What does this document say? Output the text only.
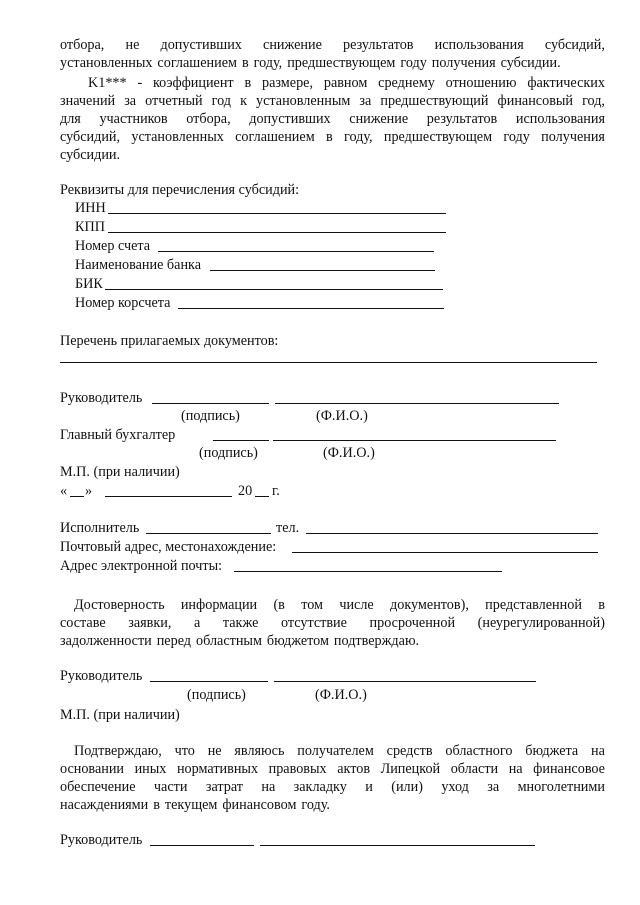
отбора, не допустивших снижение результатов использования субсидий,
установленных соглашением в году, предшествующем году получения субсидии.
K1*** - коэффициент в размере, равном среднему отношению фактических
значений за отчетный год к установленным за предшествующий финансовый год,
для участников отбора, допустивших снижение результатов использования
субсидий, установленных соглашением в году, предшествующем году получения
субсидии.
Реквизиты для перечисления субсидий:
ИНН
КПП
Номер счета
Наименование банка
БИК
Номер корсчета
Перечень прилагаемых документов:
Руководитель
(подпись)	(Ф.И.О.)
Главный бухгалтер
(подпись)	(Ф.И.О.)
М.П. (при наличии)
« »	20 г.
Исполнитель	тел.
Почтовый адрес, местонахождение:
Адрес электронной почты:
Достоверность информации (в том числе документов), представленной в
составе заявки, а также отсутствие просроченной (неурегулированной)
задолженности перед областным бюджетом подтверждаю.
Руководитель
(подпись)	(Ф.И.О.)
М.П. (при наличии)
Подтверждаю, что не являюсь получателем средств областного бюджета на
основании иных нормативных правовых актов Липецкой области на финансовое
обеспечение части затрат на закладку и (или) уход за многолетними
насаждениями в текущем финансовом году.
Руководитель
